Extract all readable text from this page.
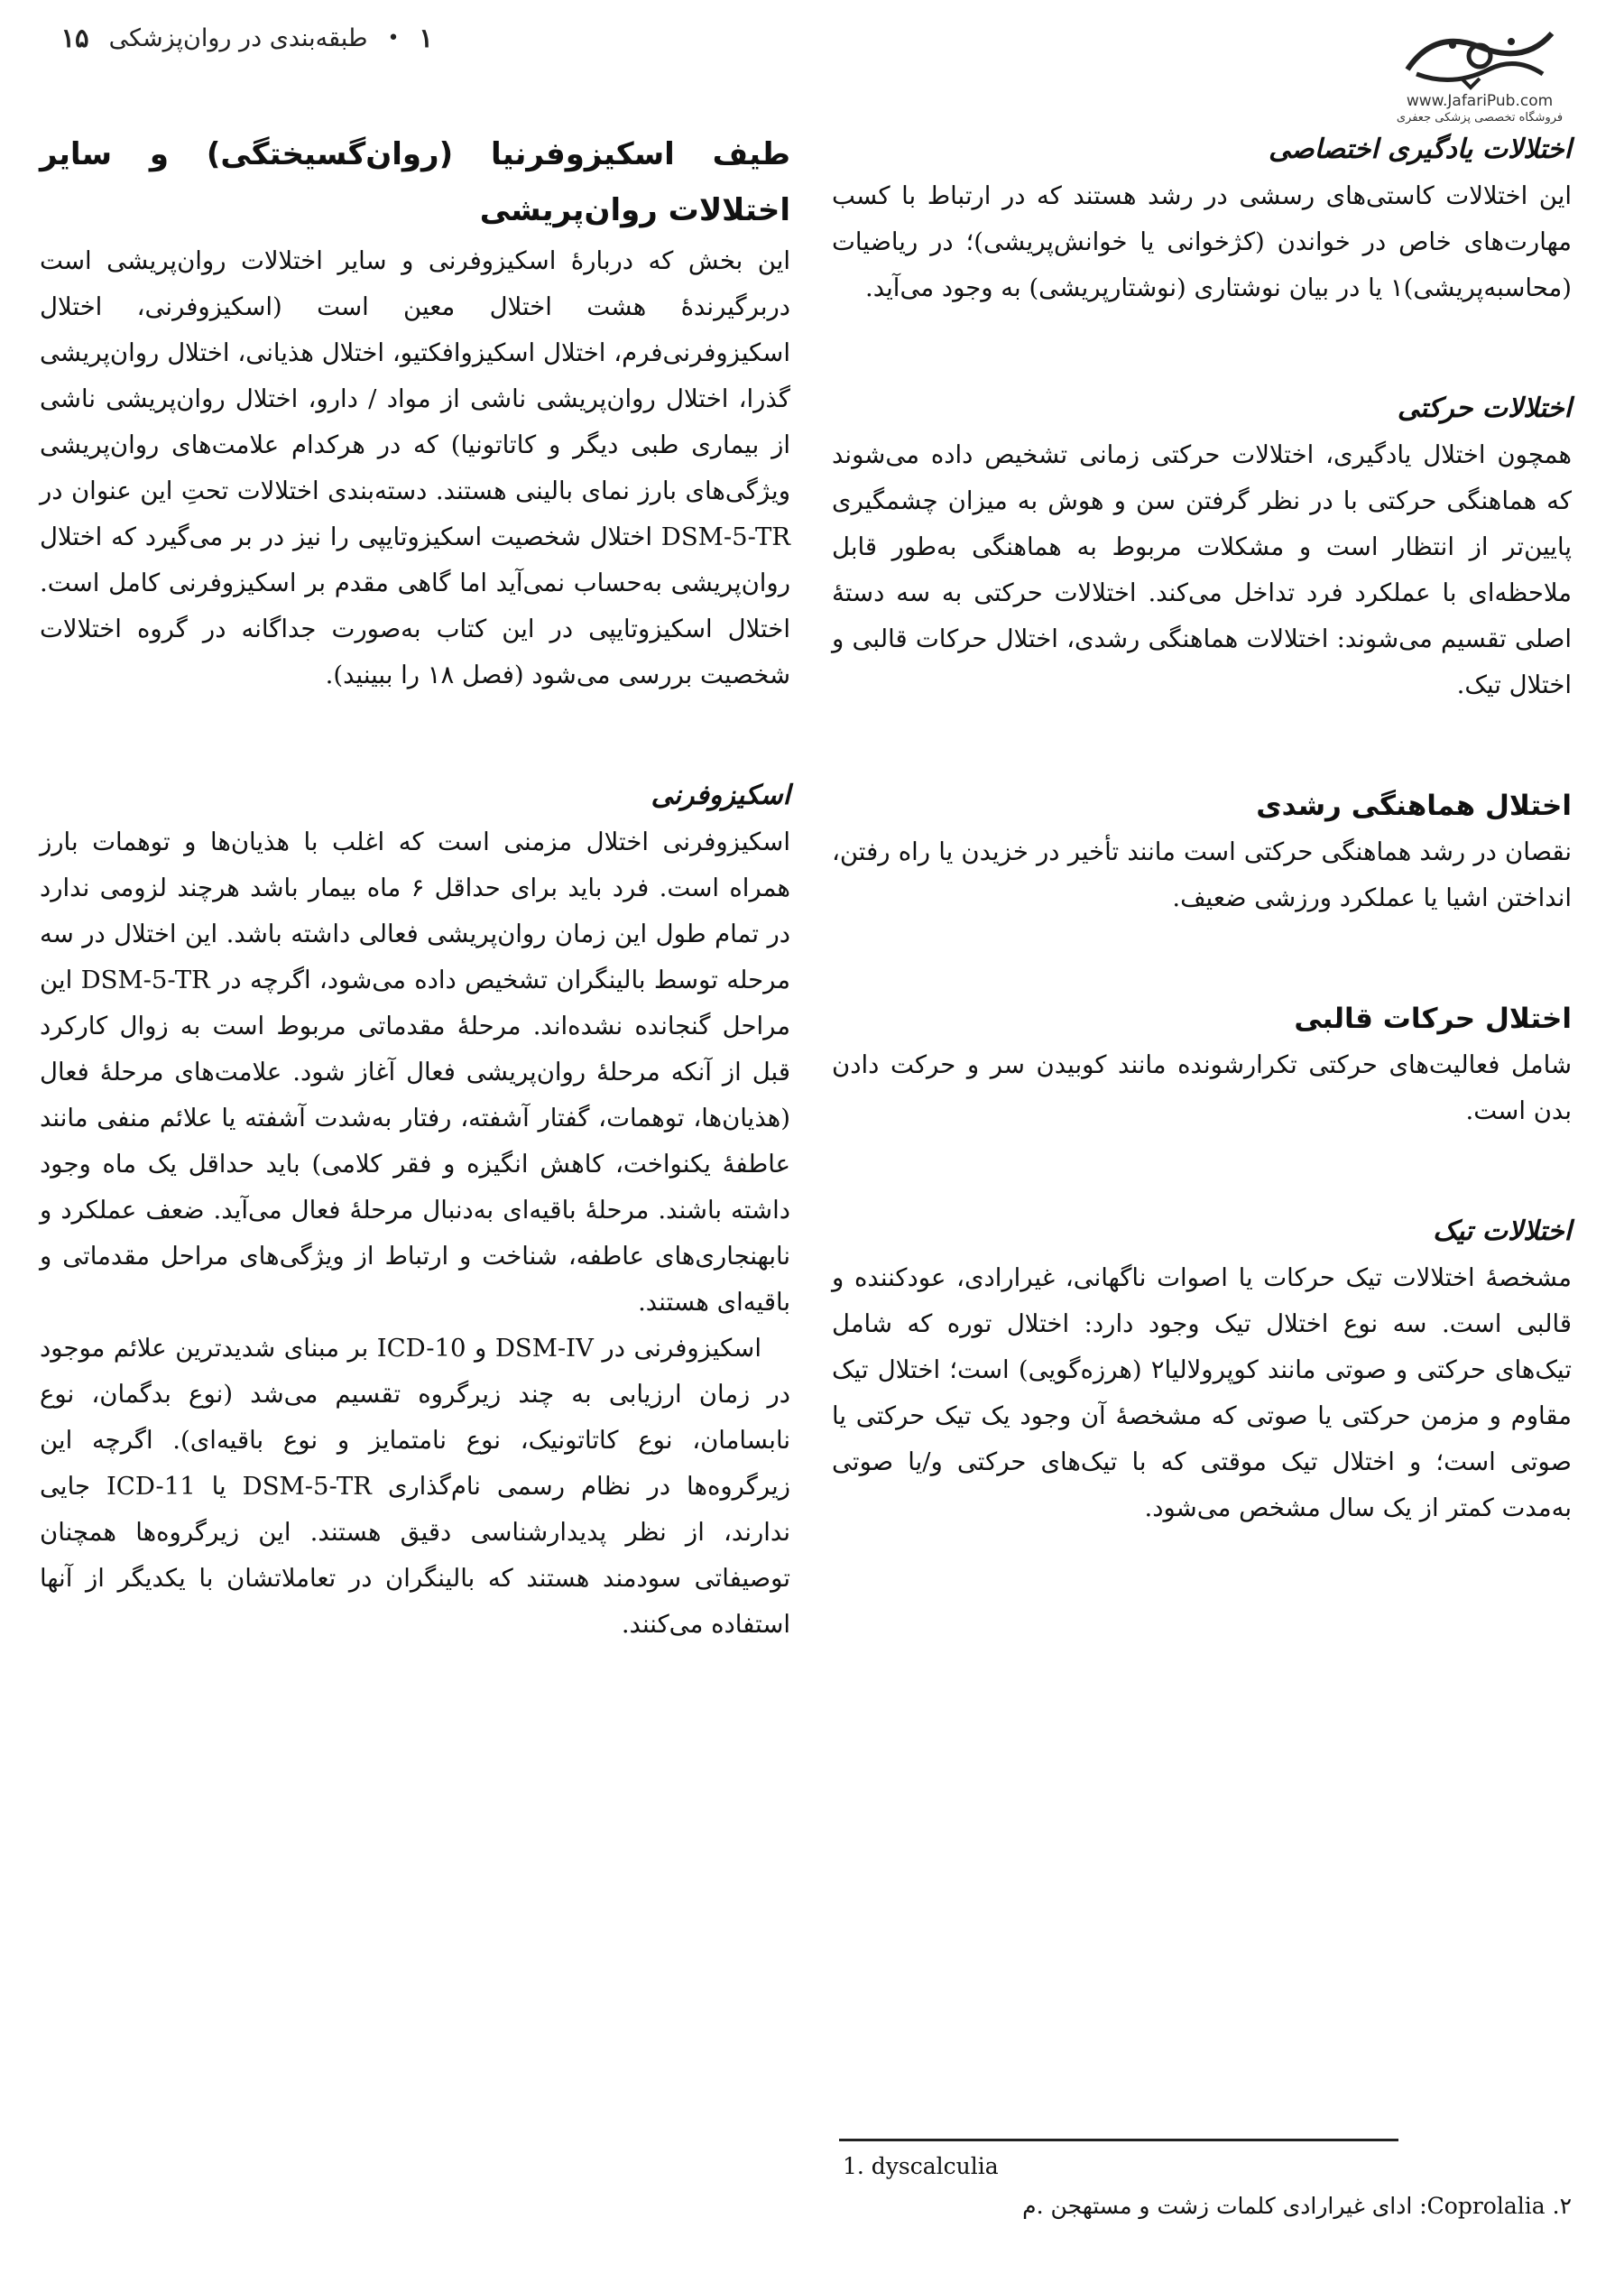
۱
•
طبقه‌بندی در روان‌پزشکی
۱۵
www.JafariPub.com
فروشگاه تخصصی پزشکی جعفری

اختلالات یادگیری اختصاصی

این اختلالات کاستی‌های رسشی در رشد هستند که در ارتباط با کسب مهارت‌های خاص در خواندن (کژخوانی یا خوانش‌پریشی)؛ در ریاضیات (محاسبه‌پریشی)۱ یا در بیان نوشتاری (نوشتارپریشی) به وجود می‌آید.

اختلالات حرکتی

همچون اختلال یادگیری، اختلالات حرکتی زمانی تشخیص داده می‌شوند که هماهنگی حرکتی با در نظر گرفتن سن و هوش به میزان چشمگیری پایین‌تر از انتظار است و مشکلات مربوط به هماهنگی به‌طور قابل ملاحظه‌ای با عملکرد فرد تداخل می‌کند. اختلالات حرکتی به سه دستهٔ اصلی تقسیم می‌شوند: اختلالات هماهنگی رشدی، اختلال حرکات قالبی و اختلال تیک.

اختلال هماهنگی رشدی

نقصان در رشد هماهنگی حرکتی است مانند تأخیر در خزیدن یا راه رفتن، انداختن اشیا یا عملکرد ورزشی ضعیف.

اختلال حرکات قالبی

شامل فعالیت‌های حرکتی تکرارشونده مانند کوبیدن سر و حرکت دادن بدن است.

اختلالات تیک

مشخصهٔ اختلالات تیک حرکات یا اصوات ناگهانی، غیرارادی، عودکننده و قالبی است. سه نوع اختلال تیک وجود دارد: اختلال توره که شامل تیک‌های حرکتی و صوتی مانند کوپرولالیا۲ (هرزه‌گویی) است؛ اختلال تیک مقاوم و مزمن حرکتی یا صوتی که مشخصهٔ آن وجود یک تیک حرکتی یا صوتی است؛ و اختلال تیک موقتی که با تیک‌های حرکتی و/یا صوتی به‌مدت کمتر از یک سال مشخص می‌شود.

طیف اسکیزوفرنیا (روان‌گسیختگی) و سایر اختلالات روان‌پریشی

این بخش که دربارهٔ اسکیزوفرنی و سایر اختلالات روان‌پریشی است دربرگیرندهٔ هشت اختلال معین است (اسکیزوفرنی، اختلال اسکیزوفرنی‌فرم، اختلال اسکیزوافکتیو، اختلال هذیانی، اختلال روان‌پریشی گذرا، اختلال روان‌پریشی ناشی از مواد / دارو، اختلال روان‌پریشی ناشی از بیماری طبی دیگر و کاتاتونیا) که در هرکدام علامت‌های روان‌پریشی ویژگی‌های بارز نمای بالینی هستند. دسته‌بندی اختلالات تحتِ این عنوان در DSM-5-TR اختلال شخصیت اسکیزوتایپی را نیز در بر می‌گیرد که اختلال روان‌پریشی به‌حساب نمی‌آید اما گاهی مقدم بر اسکیزوفرنی کامل است. اختلال اسکیزوتایپی در این کتاب به‌صورت جداگانه در گروه اختلالات شخصیت بررسی می‌شود (فصل ۱۸ را ببینید).

اسکیزوفرنی

اسکیزوفرنی اختلال مزمنی است که اغلب با هذیان‌ها و توهمات بارز همراه است. فرد باید برای حداقل ۶ ماه بیمار باشد هرچند لزومی ندارد در تمام طول این زمان روان‌پریشی فعالی داشته باشد. این اختلال در سه مرحله توسط بالینگران تشخیص داده می‌شود، اگرچه در DSM-5-TR این مراحل گنجانده نشده‌اند. مرحلهٔ مقدماتی مربوط است به زوال کارکرد قبل از آنکه مرحلهٔ روان‌پریشی فعال آغاز شود. علامت‌های مرحلهٔ فعال (هذیان‌ها، توهمات، گفتار آشفته، رفتار به‌شدت آشفته یا علائم منفی مانند عاطفهٔ یکنواخت، کاهش انگیزه و فقر کلامی) باید حداقل یک ماه وجود داشته باشند. مرحلهٔ باقیه‌ای به‌دنبال مرحلهٔ فعال می‌آید. ضعف عملکرد و نابهنجاری‌های عاطفه، شناخت و ارتباط از ویژگی‌های مراحل مقدماتی و باقیه‌ای هستند.

اسکیزوفرنی در DSM-IV و ICD-10 بر مبنای شدیدترین علائم موجود در زمان ارزیابی به چند زیرگروه تقسیم می‌شد (نوع بدگمان، نوع نابسامان، نوع کاتاتونیک، نوع نامتمایز و نوع باقیه‌ای). اگرچه این زیرگروه‌ها در نظام رسمی نام‌گذاری DSM-5-TR یا ICD-11 جایی ندارند، از نظر پدیدارشناسی دقیق هستند. این زیرگروه‌ها همچنان توصیفاتی سودمند هستند که بالینگران در تعاملاتشان با یکدیگر از آنها استفاده می‌کنند.

1. dyscalculia
۲. Coprolalia: ادای غیرارادی کلمات زشت و مستهجن .م
